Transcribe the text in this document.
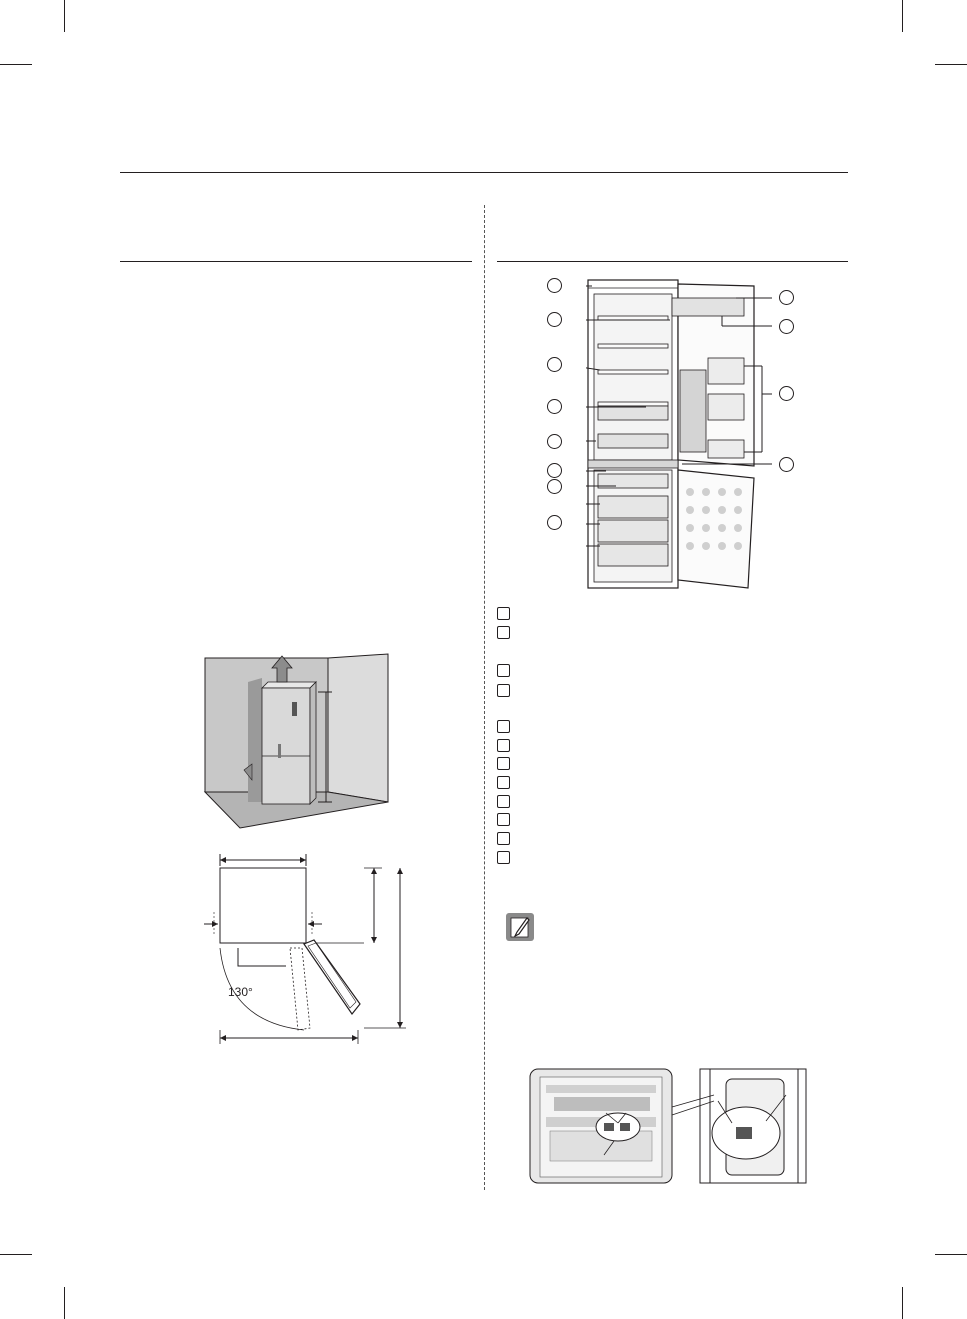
130°
